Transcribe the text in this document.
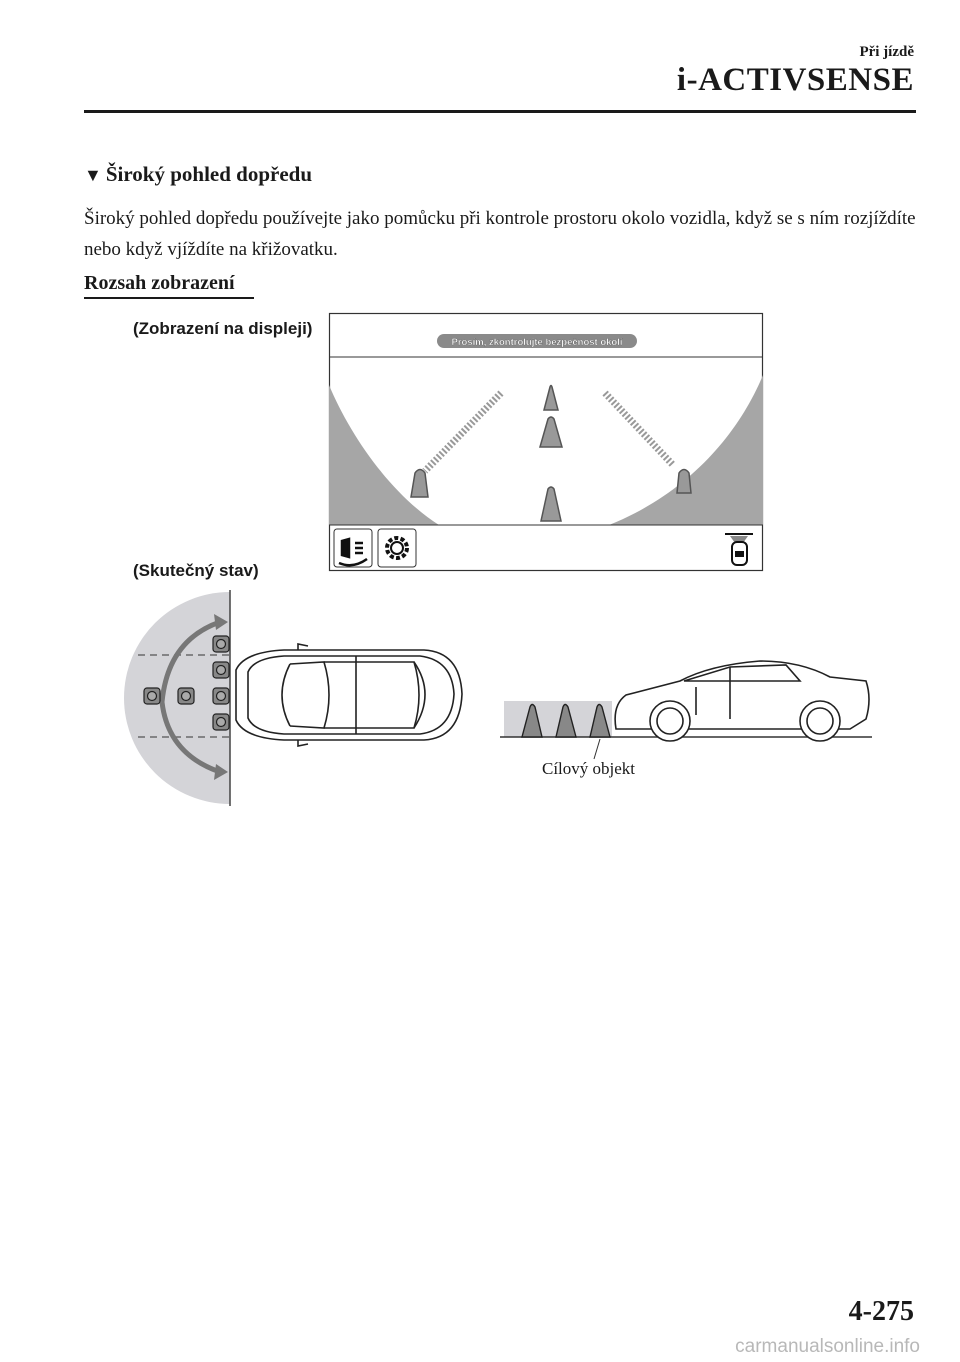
Při jízdě
i-ACTIVSENSE
▼ Široký pohled dopředu
Široký pohled dopředu používejte jako pomůcku při kontrole prostoru okolo vozidla, když se s ním rozjíždíte nebo když vjíždíte na křižovatku.
Rozsah zobrazení
(Zobrazení na displeji)
(Skutečný stav)
Prosím, zkontrolujte bezpečnost okolí
Cílový objekt
4-275
carmanualsonline.info
